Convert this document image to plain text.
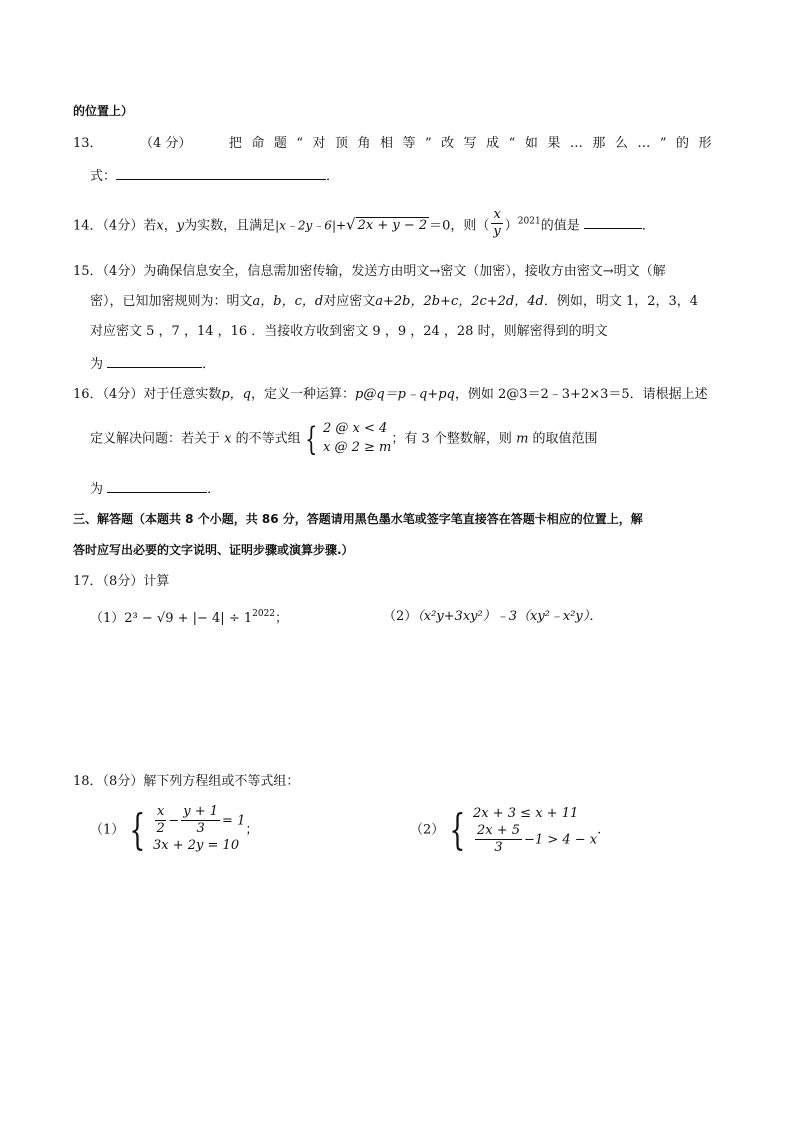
的位置上）
13．	（4 分）	把命题“对顶角相等”改写成“如果…那么…”的形
式：	．
14．（4分）若x，y为实数，且满足|x﹣2y﹣6|+√ 2x + y − 2 ＝0，则（ $\frac{x}{y} )^{2021}$的值是	．
15．（4分）为确保信息安全，信息需加密传输，发送方由明文→密文（加密），接收方由密文→明文（解
密），已知加密规则为：明文a，b，c，d对应密文a+2b，2b+c，2c+2d，4d．例如，明文 1，2，3，4
对应密文 5 ，7 ，14 ，16 ．当接收方收到密文 9 ，9 ，24 ，28 时，则解密得到的明文
为	．
16．（4分）对于任意实数p，q，定义一种运算：p@q＝p﹣q+pq，例如 2@3＝2﹣3+2×3＝5．请根据上述
定义解决问题：若关于 x 的不等式组 { 2 @ x < 4
x @ 2 ≥ m
；有 3 个整数解，则 m 的取值范围
为	．
三、解答题（本题共 8 个小题，共 86 分，答题请用黑色墨水笔或签字笔直接答在答题卡相应的位置上，解
答时应写出必要的文字说明、证明步骤或演算步骤.）
17．（8分）计算
（1）2³ − √9 + |− $4| \div 1^{2022}$；	（2）（x²y+3xy²）﹣3（xy²﹣x²y）．
18．（8分）解下列方程组或不等式组：
（1） { $\frac{x}{2} - \frac{y + 1}{3} = 1$
3x + 2y = 10
；	（2） { 2x + 3 ≤ x + 11
$\frac{2x + 5}{3} -1 > 4 - x$
.
